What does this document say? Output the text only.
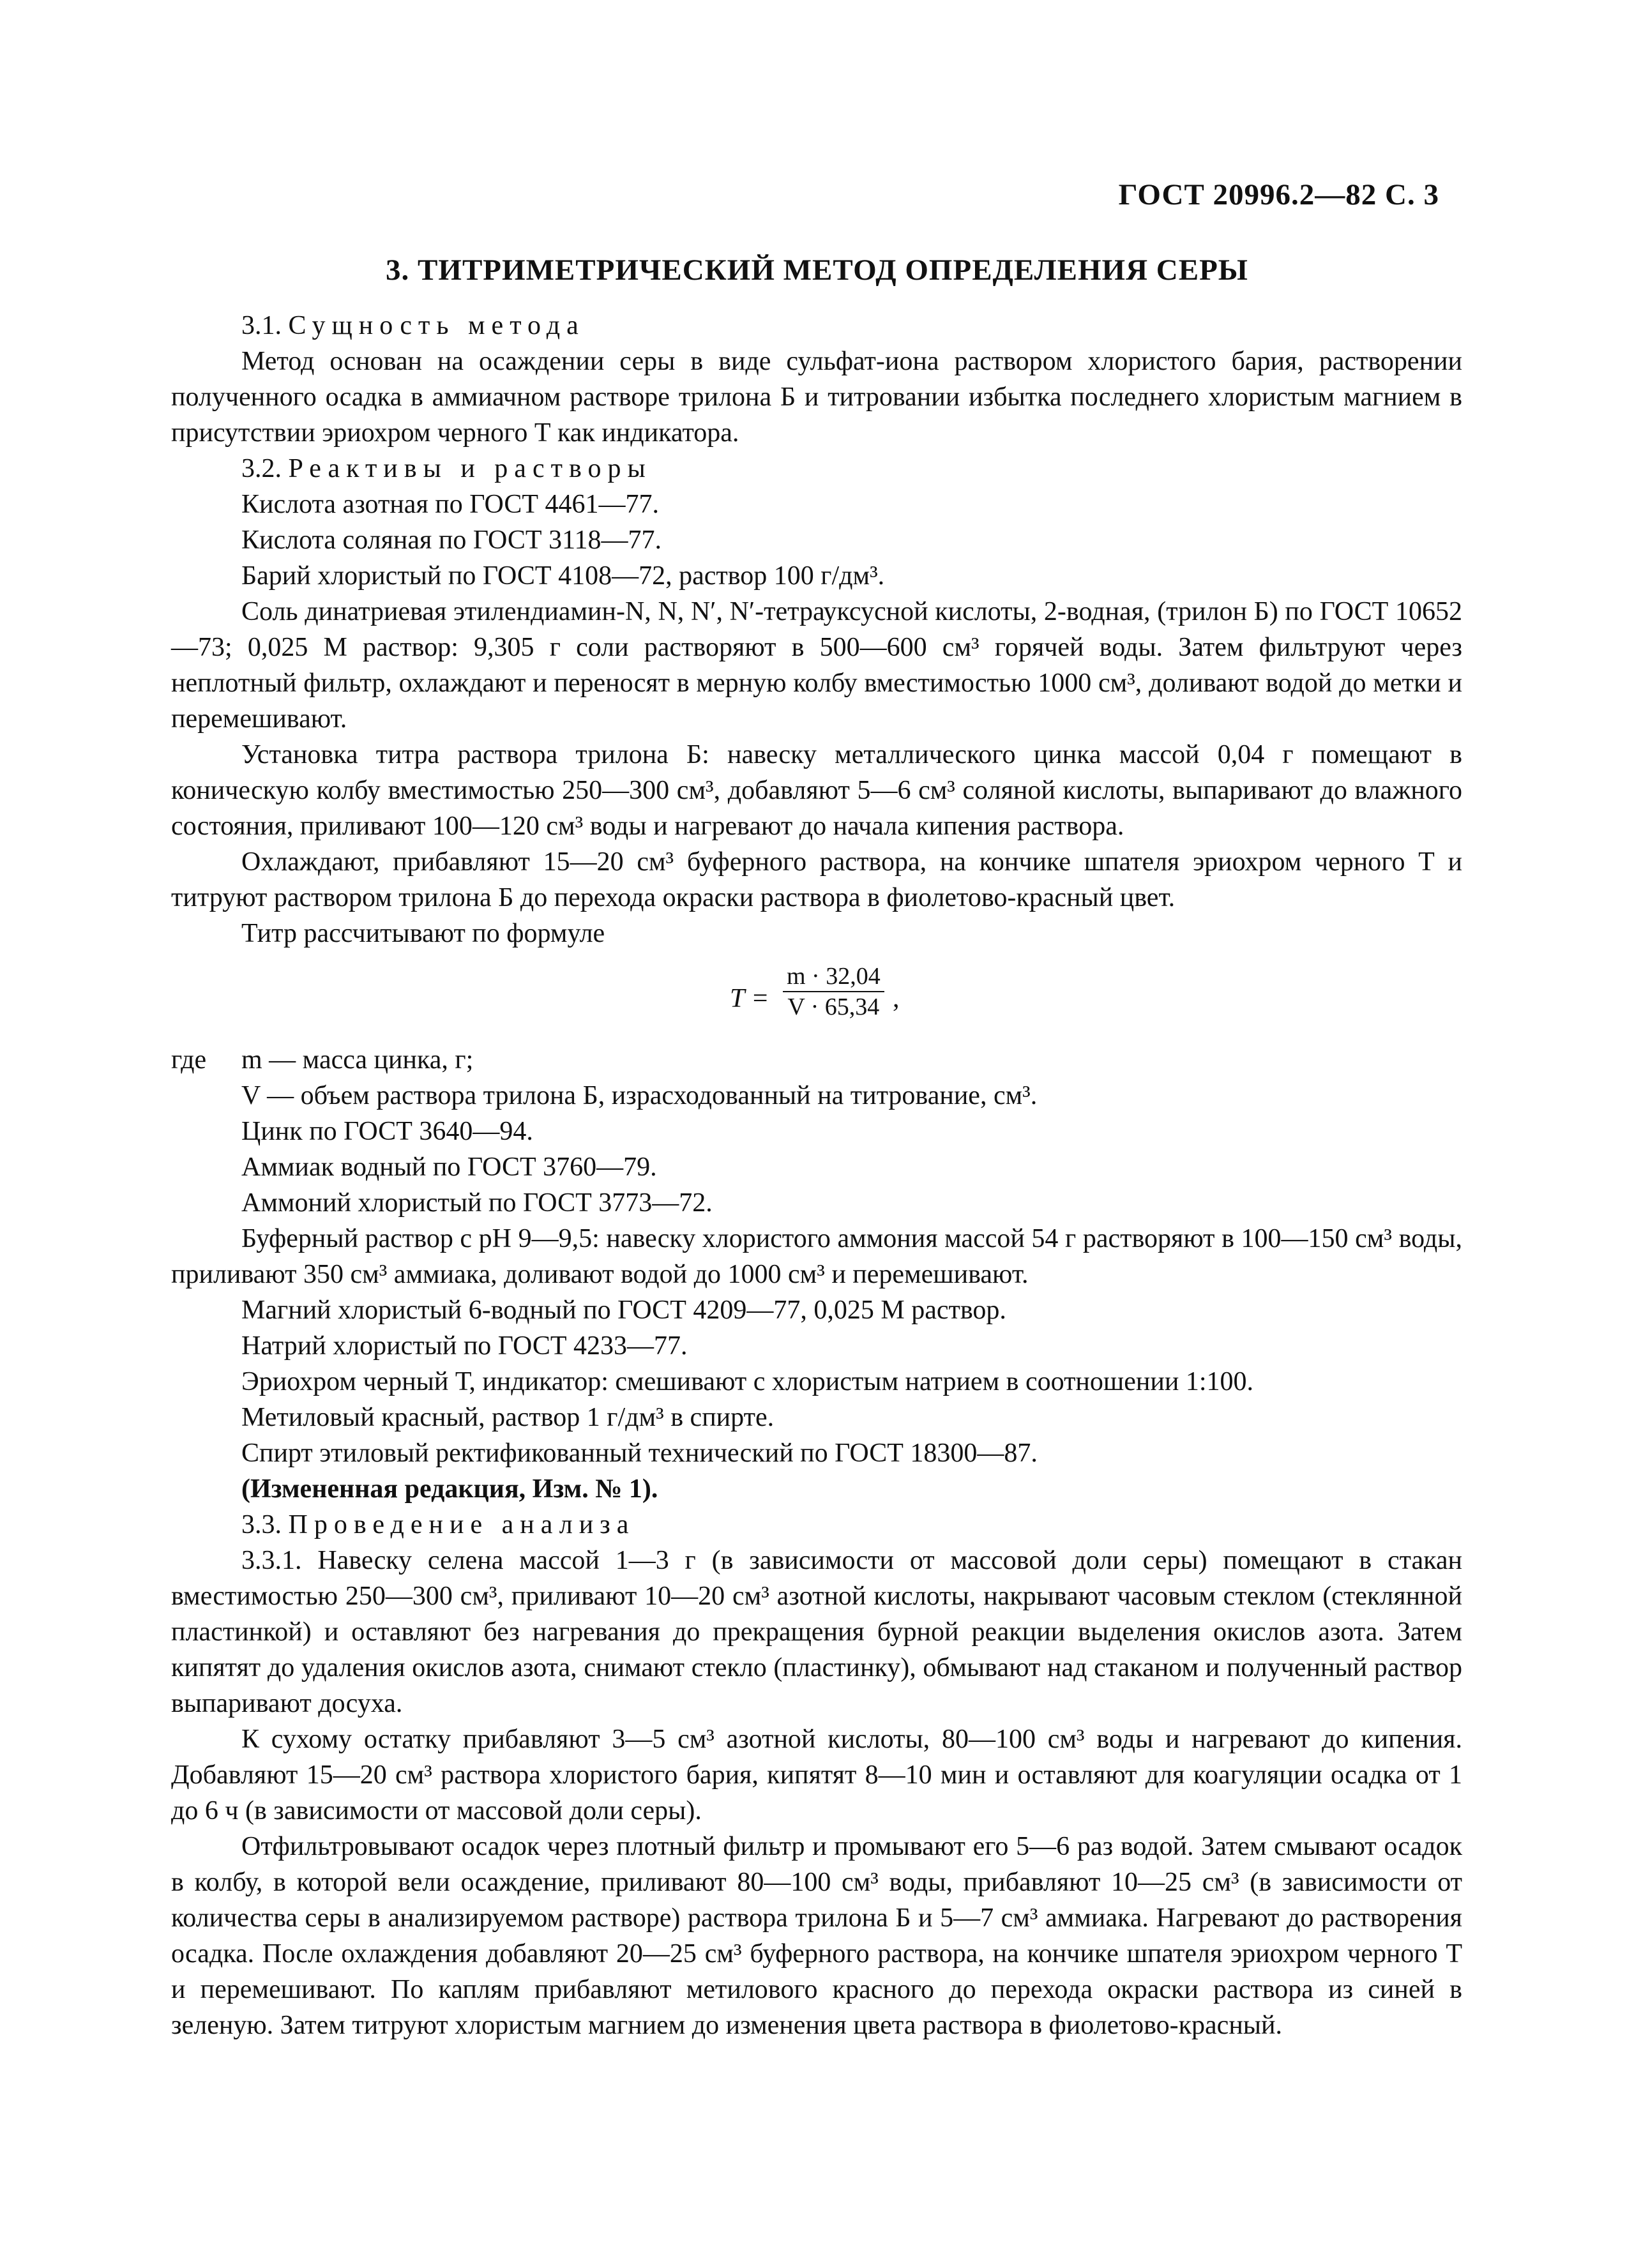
ГОСТ 20996.2—82 С. 3
3. ТИТРИМЕТРИЧЕСКИЙ МЕТОД ОПРЕДЕЛЕНИЯ СЕРЫ

3.1. Сущность метода

Метод основан на осаждении серы в виде сульфат-иона раствором хлористого бария, растворении полученного осадка в аммиачном растворе трилона Б и титровании избытка последнего хлористым магнием в присутствии эриохром черного Т как индикатора.

3.2. Реактивы и растворы

Кислота азотная по ГОСТ 4461—77.

Кислота соляная по ГОСТ 3118—77.

Барий хлористый по ГОСТ 4108—72, раствор 100 г/дм³.

Соль динатриевая этилендиамин-N, N, N′, N′-тетрауксусной кислоты, 2-водная, (трилон Б) по ГОСТ 10652—73; 0,025 М раствор: 9,305 г соли растворяют в 500—600 см³ горячей воды. Затем фильтруют через неплотный фильтр, охлаждают и переносят в мерную колбу вместимостью 1000 см³, доливают водой до метки и перемешивают.

Установка титра раствора трилона Б: навеску металлического цинка массой 0,04 г помещают в коническую колбу вместимостью 250—300 см³, добавляют 5—6 см³ соляной кислоты, выпаривают до влажного состояния, приливают 100—120 см³ воды и нагревают до начала кипения раствора.

Охлаждают, прибавляют 15—20 см³ буферного раствора, на кончике шпателя эриохром черного Т и титруют раствором трилона Б до перехода окраски раствора в фиолетово-красный цвет.

Титр рассчитывают по формуле

$T = \frac{m \cdot 32,04}{V \cdot 65,34}$ ,
где m — масса цинка, г;

V — объем раствора трилона Б, израсходованный на титрование, см³.

Цинк по ГОСТ 3640—94.

Аммиак водный по ГОСТ 3760—79.

Аммоний хлористый по ГОСТ 3773—72.

Буферный раствор с pH 9—9,5: навеску хлористого аммония массой 54 г растворяют в 100—150 см³ воды, приливают 350 см³ аммиака, доливают водой до 1000 см³ и перемешивают.

Магний хлористый 6-водный по ГОСТ 4209—77, 0,025 М раствор.

Натрий хлористый по ГОСТ 4233—77.

Эриохром черный Т, индикатор: смешивают с хлористым натрием в соотношении 1:100.

Метиловый красный, раствор 1 г/дм³ в спирте.

Спирт этиловый ректификованный технический по ГОСТ 18300—87.

(Измененная редакция, Изм. № 1).

3.3. Проведение анализа

3.3.1. Навеску селена массой 1—3 г (в зависимости от массовой доли серы) помещают в стакан вместимостью 250—300 см³, приливают 10—20 см³ азотной кислоты, накрывают часовым стеклом (стеклянной пластинкой) и оставляют без нагревания до прекращения бурной реакции выделения окислов азота. Затем кипятят до удаления окислов азота, снимают стекло (пластинку), обмывают над стаканом и полученный раствор выпаривают досуха.

К сухому остатку прибавляют 3—5 см³ азотной кислоты, 80—100 см³ воды и нагревают до кипения. Добавляют 15—20 см³ раствора хлористого бария, кипятят 8—10 мин и оставляют для коагуляции осадка от 1 до 6 ч (в зависимости от массовой доли серы).

Отфильтровывают осадок через плотный фильтр и промывают его 5—6 раз водой. Затем смывают осадок в колбу, в которой вели осаждение, приливают 80—100 см³ воды, прибавляют 10—25 см³ (в зависимости от количества серы в анализируемом растворе) раствора трилона Б и 5—7 см³ аммиака. Нагревают до растворения осадка. После охлаждения добавляют 20—25 см³ буферного раствора, на кончике шпателя эриохром черного Т и перемешивают. По каплям прибавляют метилового красного до перехода окраски раствора из синей в зеленую. Затем титруют хлористым магнием до изменения цвета раствора в фиолетово-красный.
